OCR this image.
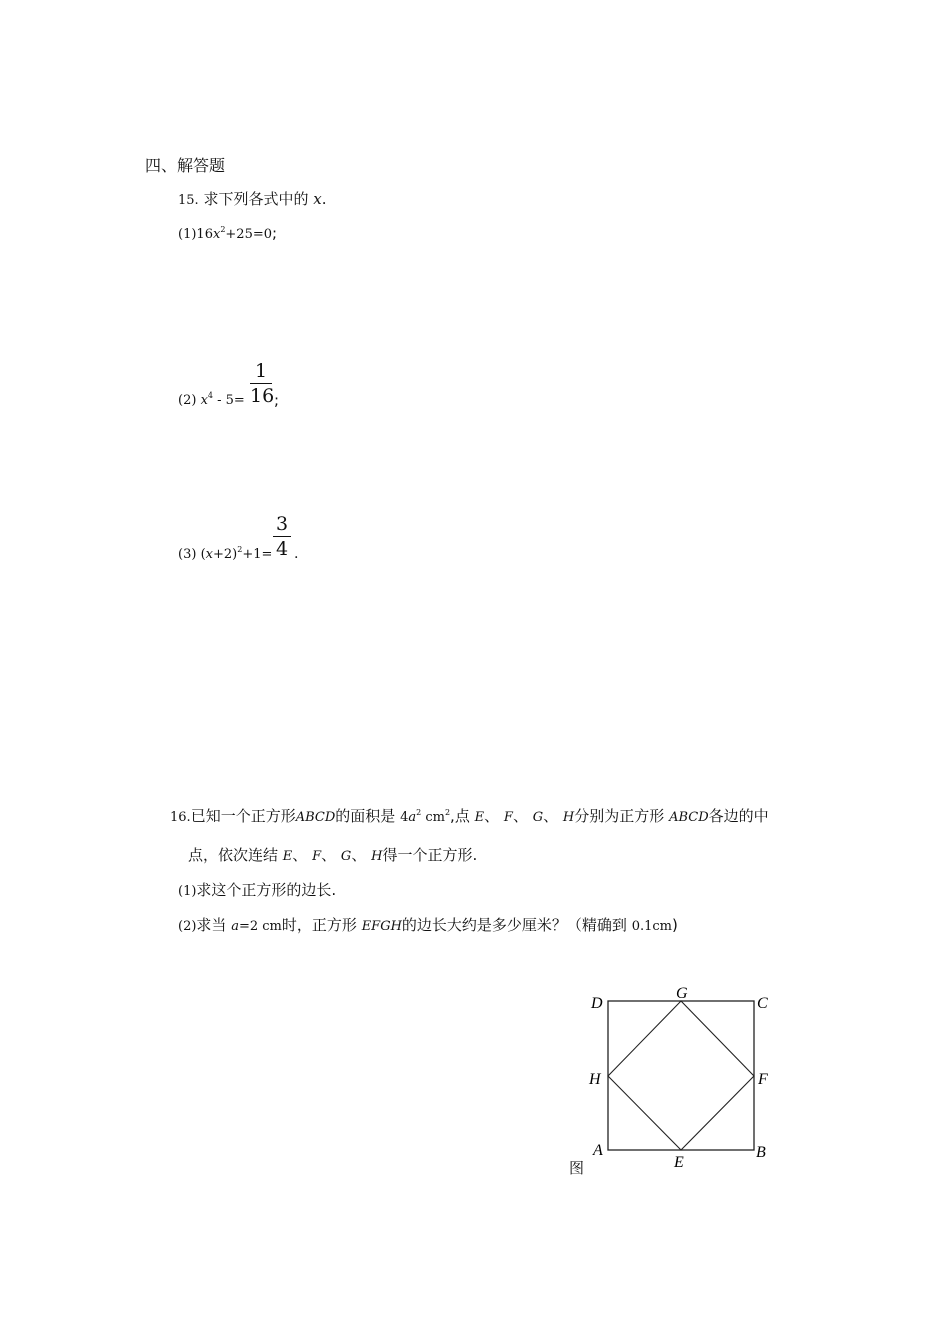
四、解答题
15. 求下列各式中的 x.
$(1)16x^2+25=0$;
(2) $x^4 - 5=$
1
16 ;
(3) $(x+2)^2+1=$
3
4 .
16.已知一个正方形ABCD的面积是 $4a^2$ $cm^2$,点 E、 F、 G、 H分别为正方形 ABCD各边的中
点，依次连结 E、 F、 G、 H得一个正方形.
(1)求这个正方形的边长.
(2)求当 a=2 cm时，正方形 EFGH的边长大约是多少厘米？（精确到 0.1cm)
D
G
C
H	F
A
E
B
图
